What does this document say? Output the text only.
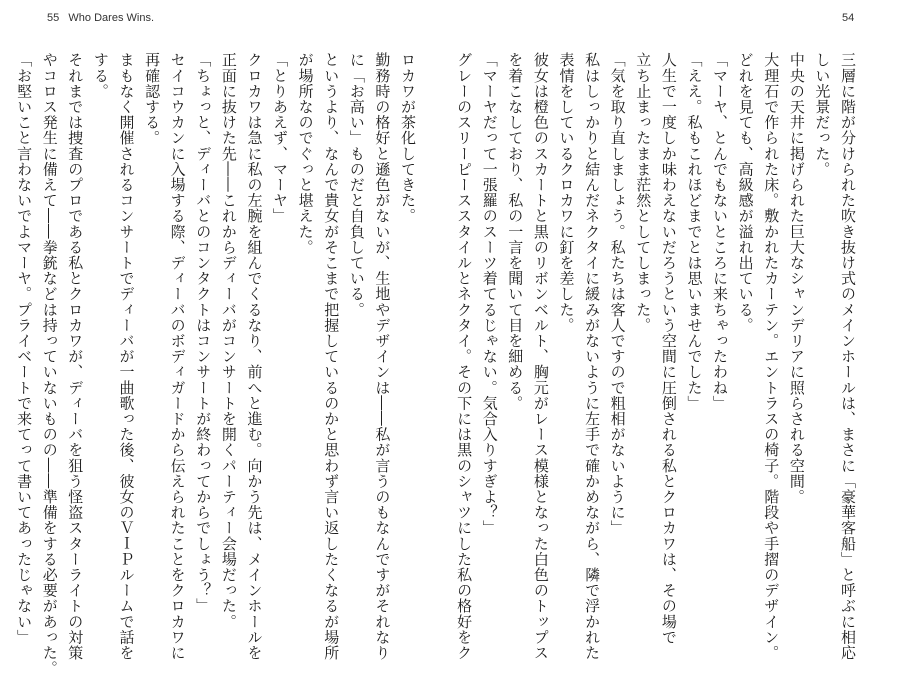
55 Who Dares Wins.	54
三層に階が分けられた吹き抜け式のメインホールは、まさに「豪華客船」と呼ぶに相応
しい光景だった。
中央の天井に掲げられた巨大なシャンデリアに照らされる空間。
大理石で作られた床。敷かれたカーテン。エントラスの椅子。階段や手摺のデザイン。
どれを見ても、高級感が溢れ出ている。
「マーヤ、とんでもないところに来ちゃったわね」
「ええ。私もこれほどまでとは思いませんでした」
人生で一度しか味わえないだろうという空間に圧倒される私とクロカワは、その場で
立ち止まったまま茫然としてしまった。
「気を取り直しましょう。私たちは客人ですので粗相がないように」
私はしっかりと結んだネクタイに緩みがないように左手で確かめながら、隣で浮かれた
表情をしているクロカワに釘を差した。
彼女は橙色のスカートと黒のリボンベルト、胸元がレース模様となった白色のトップス
を着こなしており、私の一言を聞いて目を細める。
「マーヤだって一張羅のスーツ着てるじゃない。気合入りすぎよ？」
グレーのスリーピーススタイルとネクタイ。その下には黒のシャツにした私の格好をク
ロカワが茶化してきた。
勤務時の格好と遜色がないが、生地やデザインは――私が言うのもなんですがそれなり
に「お高い」ものだと自負している。
というより、なんで貴女がそこまで把握しているのかと思わず言い返したくなるが場所
が場所なのでぐっと堪えた。
「とりあえず、マーヤ」
クロカワは急に私の左腕を組んでくるなり、前へと進む。向かう先は、メインホールを
正面に抜けた先――これからディーバがコンサートを開くパーティー会場だった。
「ちょっと、ディーバとのコンタクトはコンサートが終わってからでしょう？」
セイコウカンに入場する際、ディーバのボディガードから伝えられたことをクロカワに
再確認する。
まもなく開催されるコンサートでディーバが一曲歌った後、彼女のＶＩＰルームで話を
する。
それまでは捜査のプロである私とクロカワが、ディーバを狙う怪盗スターライトの対策
やコロス発生に備えて――拳銃などは持っていないものの――準備をする必要があった。
「お堅いこと言わないでよマーヤ。プライベートで来てって書いてあったじゃない」
